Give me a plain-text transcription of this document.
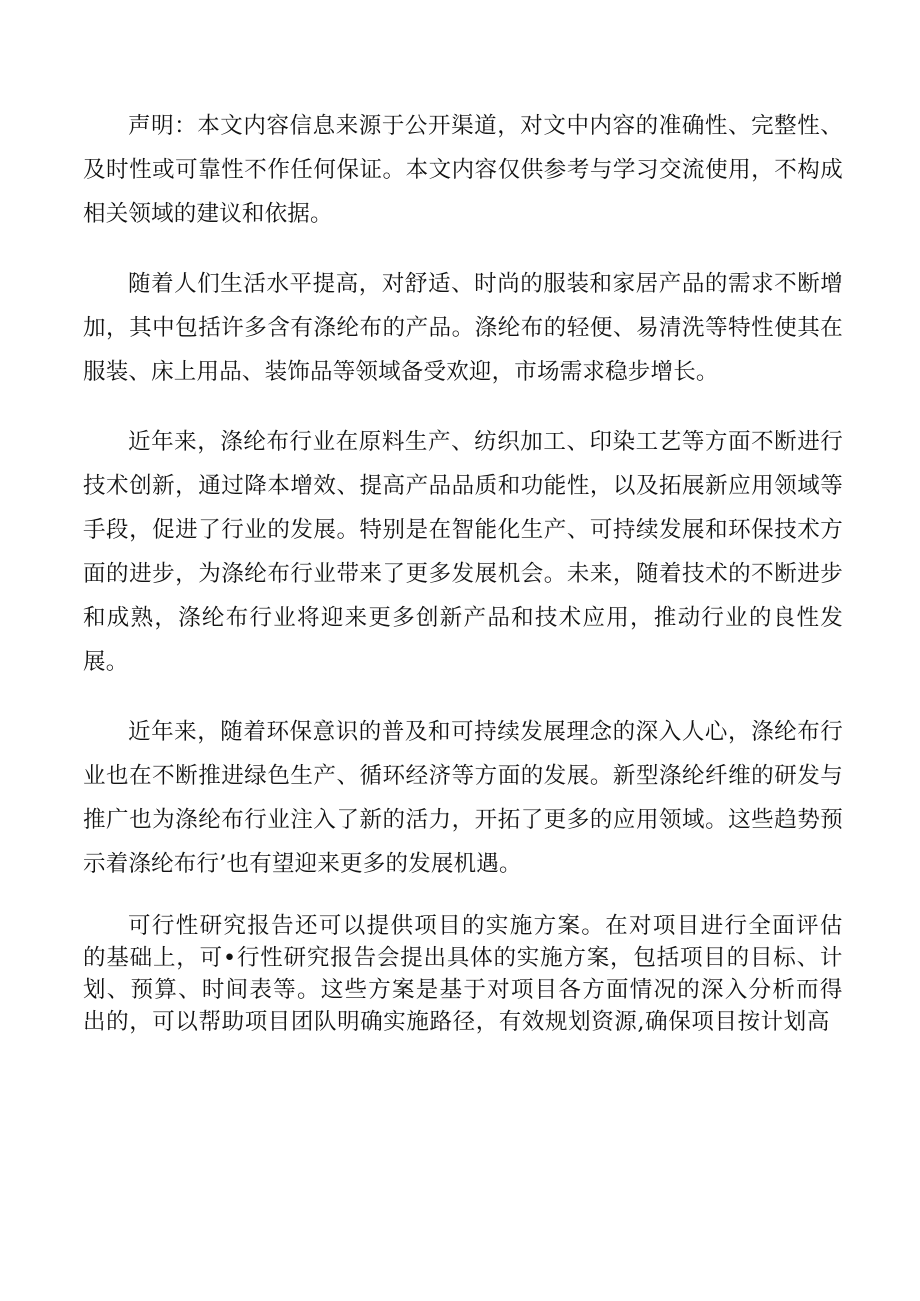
声明：本文内容信息来源于公开渠道，对文中内容的准确性、完整性、及时性或可靠性不作任何保证。本文内容仅供参考与学习交流使用，不构成相关领域的建议和依据。

随着人们生活水平提高，对舒适、时尚的服装和家居产品的需求不断增加，其中包括许多含有涤纶布的产品。涤纶布的轻便、易清洗等特性使其在服装、床上用品、装饰品等领域备受欢迎，市场需求稳步增长。

近年来，涤纶布行业在原料生产、纺织加工、印染工艺等方面不断进行技术创新，通过降本增效、提高产品品质和功能性，以及拓展新应用领域等手段，促进了行业的发展。特别是在智能化生产、可持续发展和环保技术方面的进步，为涤纶布行业带来了更多发展机会。未来，随着技术的不断进步和成熟，涤纶布行业将迎来更多创新产品和技术应用，推动行业的良性发展。

近年来，随着环保意识的普及和可持续发展理念的深入人心，涤纶布行业也在不断推进绿色生产、循环经济等方面的发展。新型涤纶纤维的研发与推广也为涤纶布行业注入了新的活力，开拓了更多的应用领域。这些趋势预示着涤纶布行’也有望迎来更多的发展机遇。

可行性研究报告还可以提供项目的实施方案。在对项目进行全面评估的基础上，可•行性研究报告会提出具体的实施方案，包括项目的目标、计划、预算、时间表等。这些方案是基于对项目各方面情况的深入分析而得出的，可以帮助项目团队明确实施路径，有效规划资源,确保项目按计划高
